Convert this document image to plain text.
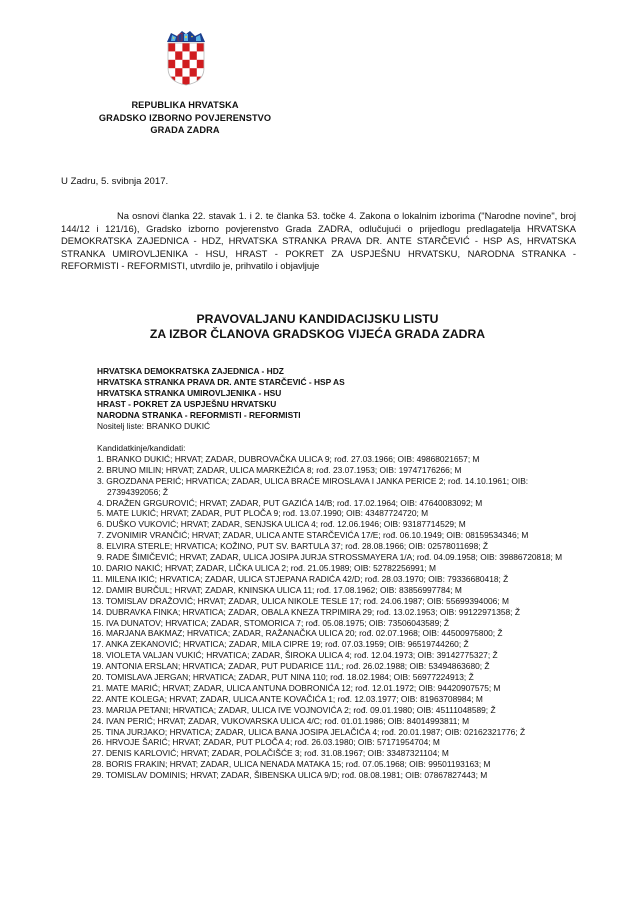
REPUBLIKA HRVATSKA
GRADSKO IZBORNO POVJERENSTVO
GRADA ZADRA
U Zadru, 5. svibnja 2017.
Na osnovi članka 22. stavak 1. i 2. te članka 53. točke 4. Zakona o lokalnim izborima ("Narodne novine", broj 144/12 i 121/16), Gradsko izborno povjerenstvo Grada ZADRA, odlučujući o prijedlogu predlagatelja HRVATSKA DEMOKRATSKA ZAJEDNICA - HDZ, HRVATSKA STRANKA PRAVA DR. ANTE STARČEVIĆ - HSP AS, HRVATSKA STRANKA UMIROVLJENIKA - HSU, HRAST - POKRET ZA USPJEŠNU HRVATSKU, NARODNA STRANKA - REFORMISTI - REFORMISTI, utvrdilo je, prihvatilo i objavljuje
PRAVOVALJANU KANDIDACIJSKU LISTU
ZA IZBOR ČLANOVA GRADSKOG VIJEĆA GRADA ZADRA
HRVATSKA DEMOKRATSKA ZAJEDNICA - HDZ
HRVATSKA STRANKA PRAVA DR. ANTE STARČEVIĆ - HSP AS
HRVATSKA STRANKA UMIROVLJENIKA - HSU
HRAST - POKRET ZA USPJEŠNU HRVATSKU
NARODNA STRANKA - REFORMISTI - REFORMISTI
Nositelj liste: BRANKO DUKIĆ
Kandidatkinje/kandidati:
1. BRANKO DUKIĆ; HRVAT; ZADAR, DUBROVAČKA ULICA 9; rođ. 27.03.1966; OIB: 49868021657; M
2. BRUNO MILIN; HRVAT; ZADAR, ULICA MARKEŽIĆA 8; rođ. 23.07.1953; OIB: 19747176266; M
3. GROZDANA PERIĆ; HRVATICA; ZADAR, ULICA BRAĆE MIROSLAVA I JANKA PERICE 2; rođ. 14.10.1961; OIB: 27394392056; Ž
4. DRAŽEN GRGUROVIĆ; HRVAT; ZADAR, PUT GAZIĆA 14/B; rođ. 17.02.1964; OIB: 47640083092; M
5. MATE LUKIĆ; HRVAT; ZADAR, PUT PLOČA 9; rođ. 13.07.1990; OIB: 43487724720; M
6. DUŠKO VUKOVIĆ; HRVAT; ZADAR, SENJSKA ULICA 4; rođ. 12.06.1946; OIB: 93187714529; M
7. ZVONIMIR VRANČIĆ; HRVAT; ZADAR, ULICA ANTE STARČEVIĆA 17/E; rođ. 06.10.1949; OIB: 08159534346; M
8. ELVIRA STERLE; HRVATICA; KOŽINO, PUT SV. BARTULA 37; rođ. 28.08.1966; OIB: 02578011698; Ž
9. RADE ŠIMIČEVIĆ; HRVAT; ZADAR, ULICA JOSIPA JURJA STROSSMAYERA 1/A; rođ. 04.09.1958; OIB: 39886720818; M
10. DARIO NAKIĆ; HRVAT; ZADAR, LIČKA ULICA 2; rođ. 21.05.1989; OIB: 52782256991; M
11. MILENA IKIĆ; HRVATICA; ZADAR, ULICA STJEPANA RADIĆA 42/D; rođ. 28.03.1970; OIB: 79336680418; Ž
12. DAMIR BURČUL; HRVAT; ZADAR, KNINSKA ULICA 11; rođ. 17.08.1962; OIB: 83856997784; M
13. TOMISLAV DRAŽOVIĆ; HRVAT; ZADAR, ULICA NIKOLE TESLE 17; rođ. 24.06.1987; OIB: 55699394006; M
14. DUBRAVKA FINKA; HRVATICA; ZADAR, OBALA KNEZA TRPIMIRA 29; rođ. 13.02.1953; OIB: 99122971358; Ž
15. IVA DUNATOV; HRVATICA; ZADAR, STOMORICA 7; rođ. 05.08.1975; OIB: 73506043589; Ž
16. MARJANA BAKMAZ; HRVATICA; ZADAR, RAŽANAČKA ULICA 20; rođ. 02.07.1968; OIB: 44500975800; Ž
17. ANKA ZEKANOVIĆ; HRVATICA; ZADAR, MILA CIPRE 19; rođ. 07.03.1959; OIB: 96519744260; Ž
18. VIOLETA VALJAN VUKIĆ; HRVATICA; ZADAR, ŠIROKA ULICA 4; rođ. 12.04.1973; OIB: 39142775327; Ž
19. ANTONIA ERSLAN; HRVATICA; ZADAR, PUT PUDARICE 11/L; rođ. 26.02.1988; OIB: 53494863680; Ž
20. TOMISLAVA JERGAN; HRVATICA; ZADAR, PUT NINA 110; rođ. 18.02.1984; OIB: 56977224913; Ž
21. MATE MARIĆ; HRVAT; ZADAR, ULICA ANTUNA DOBRONIĆA 12; rođ. 12.01.1972; OIB: 94420907575; M
22. ANTE KOLEGA; HRVAT; ZADAR, ULICA ANTE KOVAČIĆA 1; rođ. 12.03.1977; OIB: 81963708984; M
23. MARIJA PETANI; HRVATICA; ZADAR, ULICA IVE VOJNOVIĆA 2; rođ. 09.01.1980; OIB: 45111048589; Ž
24. IVAN PERIĆ; HRVAT; ZADAR, VUKOVARSKA ULICA 4/C; rođ. 01.01.1986; OIB: 84014993811; M
25. TINA JURJAKO; HRVATICA; ZADAR, ULICA BANA JOSIPA JELAČIĆA 4; rođ. 20.01.1987; OIB: 02162321776; Ž
26. HRVOJE ŠARIĆ; HRVAT; ZADAR, PUT PLOČA 4; rođ. 26.03.1980; OIB: 57171954704; M
27. DENIS KARLOVIĆ; HRVAT; ZADAR, POLAČIŠĆE 3; rođ. 31.08.1967; OIB: 33487321104; M
28. BORIS FRAKIN; HRVAT; ZADAR, ULICA NENADA MATAKA 15; rođ. 07.05.1968; OIB: 99501193163; M
29. TOMISLAV DOMINIS; HRVAT; ZADAR, ŠIBENSKA ULICA 9/D; rođ. 08.08.1981; OIB: 07867827443; M
